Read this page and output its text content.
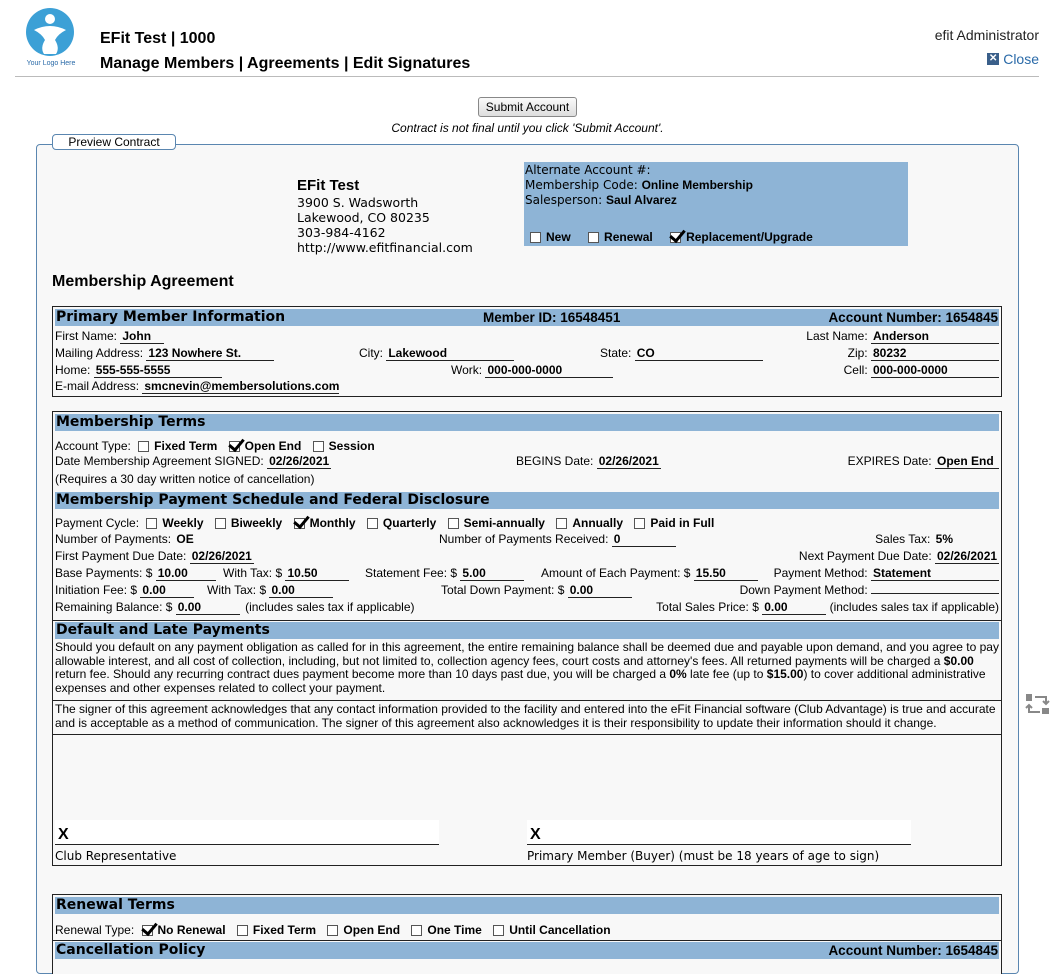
Your Logo Here
EFit Test | 1000
Manage Members | Agreements | Edit Signatures
efit Administrator
✕ Close
Submit Account
Contract is not final until you click 'Submit Account'.
Preview Contract
EFit Test
3900 S. Wadsworth
Lakewood, CO 80235
303-984-4162
http://www.efitfinancial.com
Alternate Account #:
Membership Code: Online Membership
Salesperson: Saul Alvarez
New	Renewal	Replacement/Upgrade
Membership Agreement
Primary Member Information	Member ID: 16548451	Account Number: 1654845
First Name: John	Last Name: Anderson
Mailing Address: 123 Nowhere St.	City: Lakewood	State: CO	Zip: 80232
Home: 555-555-5555	Work: 000-000-0000	Cell: 000-000-0000
E-mail Address: smcnevin@membersolutions.com
Membership Terms
Account Type: Fixed Term Open End Session
Date Membership Agreement SIGNED: 02/26/2021	BEGINS Date: 02/26/2021	EXPIRES Date: Open End
(Requires a 30 day written notice of cancellation)
Membership Payment Schedule and Federal Disclosure
Payment Cycle: Weekly Biweekly Monthly Quarterly Semi-annually Annually Paid in Full
Number of Payments: OE	Number of Payments Received: 0	Sales Tax: 5%
First Payment Due Date: 02/26/2021	Next Payment Due Date: 02/26/2021
Base Payments: $ 10.00	With Tax: $ 10.50	Statement Fee: $ 5.00	Amount of Each Payment: $ 15.50	Payment Method: Statement
Initiation Fee: $ 0.00	With Tax: $ 0.00	Total Down Payment: $ 0.00	Down Payment Method:
Remaining Balance: $ 0.00	(includes sales tax if applicable)	Total Sales Price: $ 0.00	(includes sales tax if applicable)
Default and Late Payments
Should you default on any payment obligation as called for in this agreement, the entire remaining balance shall be deemed due and payable upon demand, and you agree to pay allowable interest, and all cost of collection, including, but not limited to, collection agency fees, court costs and attorney's fees. All returned payments will be charged a $0.00 return fee. Should any recurring contract dues payment become more than 10 days past due, you will be charged a 0% late fee (up to $15.00) to cover additional administrative expenses and other expenses related to collect your payment.
The signer of this agreement acknowledges that any contact information provided to the facility and entered into the eFit Financial software (Club Advantage) is true and accurate and is acceptable as a method of communication. The signer of this agreement also acknowledges it is their responsibility to update their information should it change.
X
Club Representative
X
Primary Member (Buyer) (must be 18 years of age to sign)
Renewal Terms
Renewal Type: No Renewal Fixed Term Open End One Time Until Cancellation
Cancellation Policy	Account Number: 1654845
